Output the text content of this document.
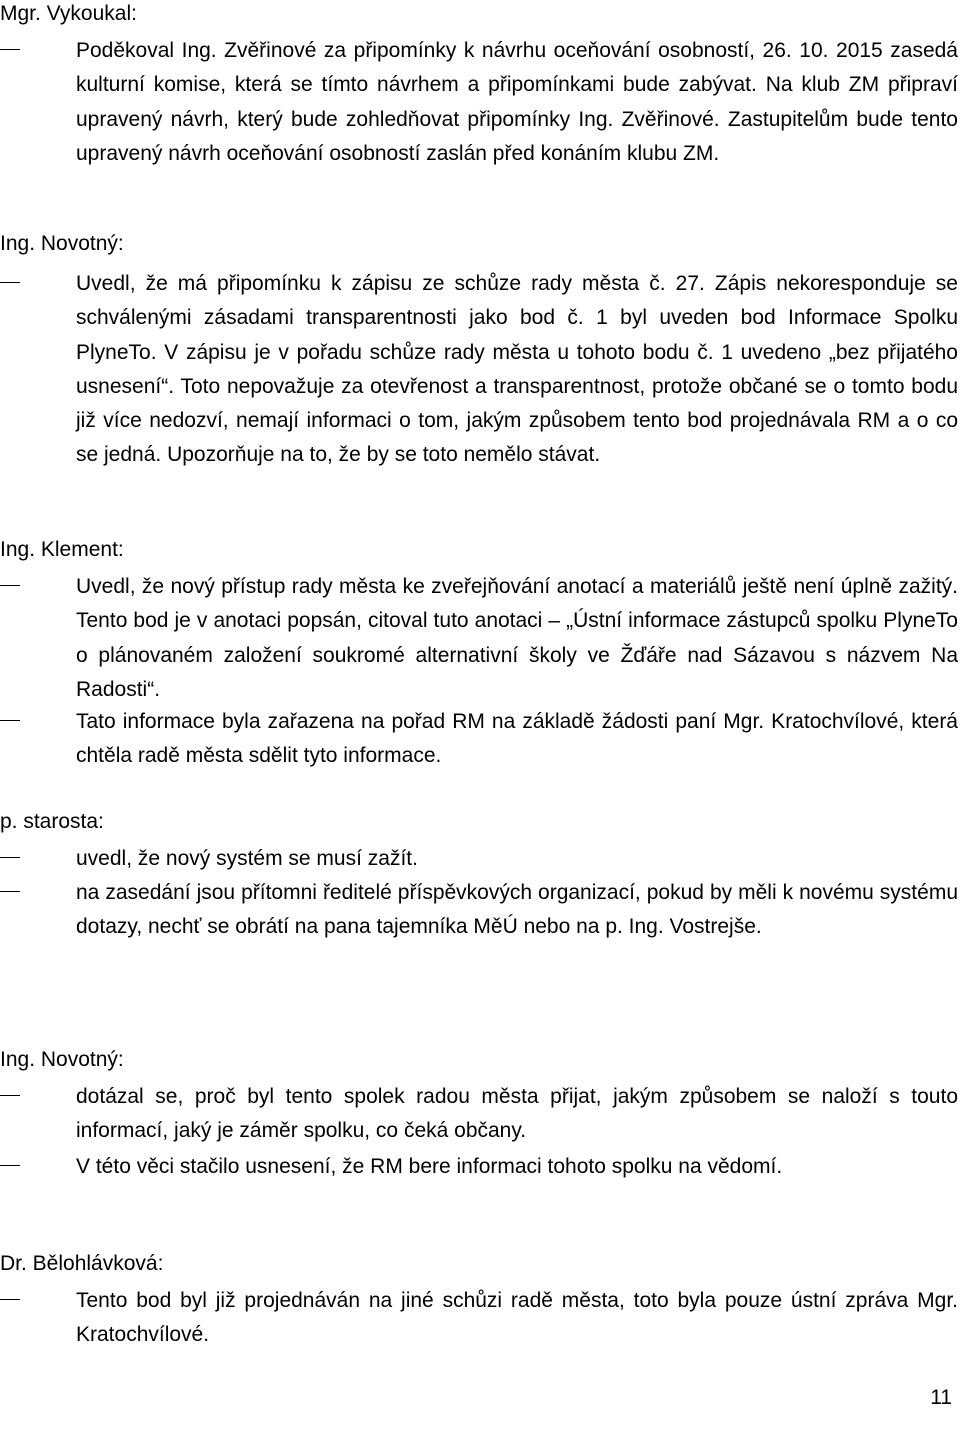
Mgr. Vykoukal:
Poděkoval Ing. Zvěřinové za připomínky k návrhu oceňování osobností, 26. 10. 2015 zasedá kulturní komise, která se tímto návrhem a připomínkami bude zabývat. Na klub ZM připraví upravený návrh, který bude zohledňovat připomínky Ing. Zvěřinové. Zastupitelům bude tento upravený návrh oceňování osobností zaslán před konáním klubu ZM.
Ing. Novotný:
Uvedl, že má připomínku k zápisu ze schůze rady města č. 27. Zápis nekoresponduje se schválenými zásadami transparentnosti jako bod č. 1 byl uveden bod Informace Spolku PlyneTo. V zápisu je v pořadu schůze rady města u tohoto bodu č. 1 uvedeno „bez přijatého usnesení“. Toto nepovažuje za otevřenost a transparentnost, protože občané se o tomto bodu již více nedozví, nemají informaci o tom, jakým způsobem tento bod projednávala RM a o co se jedná. Upozorňuje na to, že by se toto nemělo stávat.
Ing. Klement:
Uvedl, že nový přístup rady města ke zveřejňování anotací a materiálů ještě není úplně zažitý. Tento bod je v anotaci popsán, citoval tuto anotaci – „Ústní informace zástupců spolku PlyneTo o plánovaném založení soukromé alternativní školy ve Žďáře nad Sázavou s názvem Na Radosti“.
Tato informace byla zařazena na pořad RM na základě žádosti paní Mgr. Kratochvílové, která chtěla radě města sdělit tyto informace.
p. starosta:
uvedl, že nový systém se musí zažít.
na zasedání jsou přítomni ředitelé příspěvkových organizací, pokud by měli k novému systému dotazy, nechť se obrátí na pana tajemníka MěÚ nebo na p. Ing. Vostrejše.
Ing. Novotný:
dotázal se, proč byl tento spolek radou města přijat, jakým způsobem se naloží s touto informací, jaký je záměr spolku, co čeká občany.
V této věci stačilo usnesení, že RM bere informaci tohoto spolku na vědomí.
Dr. Bělohlávková:
Tento bod byl již projednáván na jiné schůzi radě města, toto byla pouze ústní zpráva Mgr. Kratochvílové.
11
